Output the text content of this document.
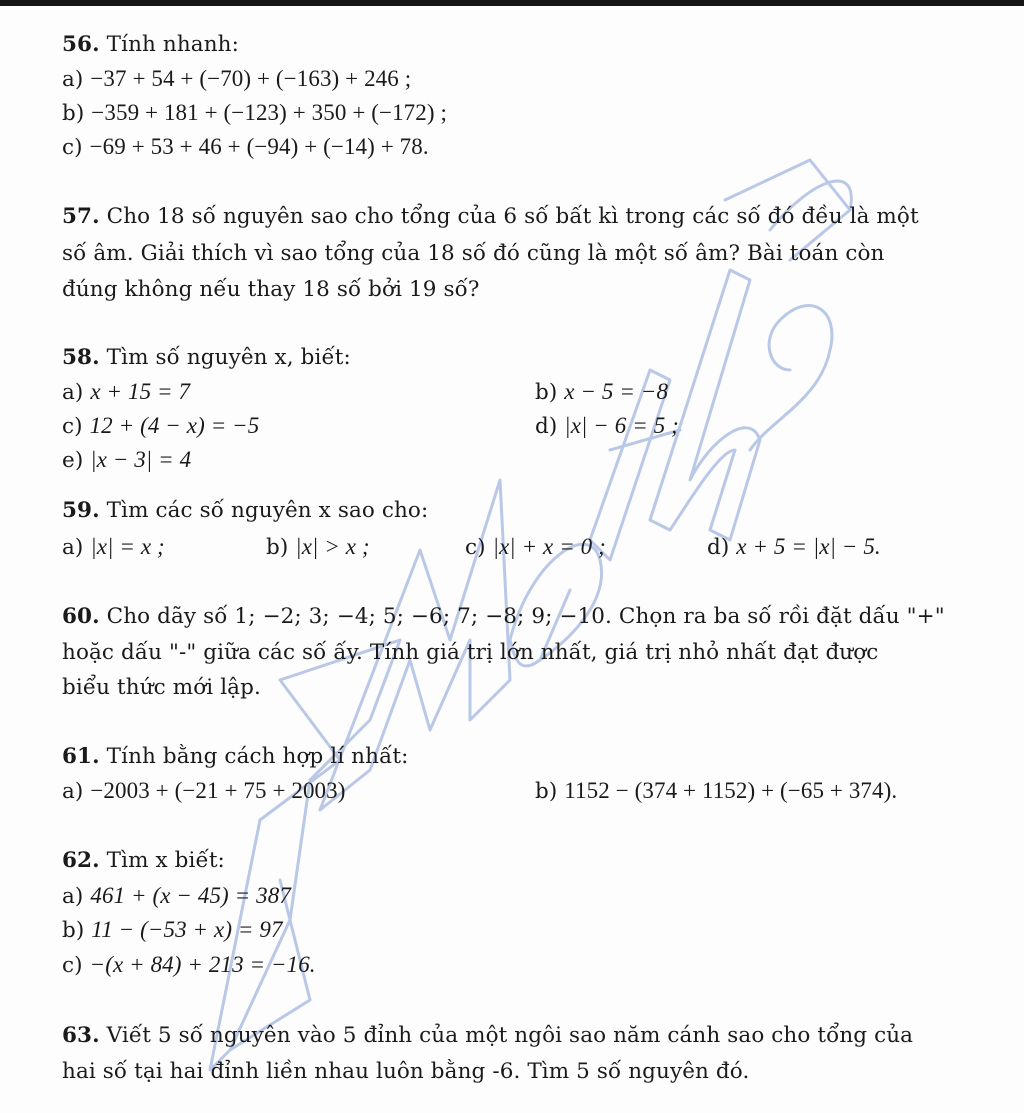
56. Tính nhanh:

a) −37 + 54 + (−70) + (−163) + 246 ;

b) −359 + 181 + (−123) + 350 + (−172) ;

c) −69 + 53 + 46 + (−94) + (−14) + 78.

57. Cho 18 số nguyên sao cho tổng của 6 số bất kì trong các số đó đều là một

số âm. Giải thích vì sao tổng của 18 số đó cũng là một số âm? Bài toán còn

đúng không nếu thay 18 số bởi 19 số?

58. Tìm số nguyên x, biết:

a) x + 15 = 7	b) x − 5 = −8

c) 12 + (4 − x) = −5	d) |x| − 6 = 5 ;

e) |x − 3| = 4

59. Tìm các số nguyên x sao cho:

a) |x| = x ;	b) |x| > x ;	c) |x| + x = 0 ;	d) x + 5 = |x| − 5.

60. Cho dãy số 1; −2; 3; −4; 5; −6; 7; −8; 9; −10. Chọn ra ba số rồi đặt dấu "+"

hoặc dấu "-" giữa các số ấy. Tính giá trị lớn nhất, giá trị nhỏ nhất đạt được

biểu thức mới lập.

61. Tính bằng cách hợp lí nhất:

a) −2003 + (−21 + 75 + 2003)	b) 1152 − (374 + 1152) + (−65 + 374).

62. Tìm x biết:

a) 461 + (x − 45) = 387

b) 11 − (−53 + x) = 97

c) −(x + 84) + 213 = −16.

63. Viết 5 số nguyên vào 5 đỉnh của một ngôi sao năm cánh sao cho tổng của

hai số tại hai đỉnh liền nhau luôn bằng -6. Tìm 5 số nguyên đó.
